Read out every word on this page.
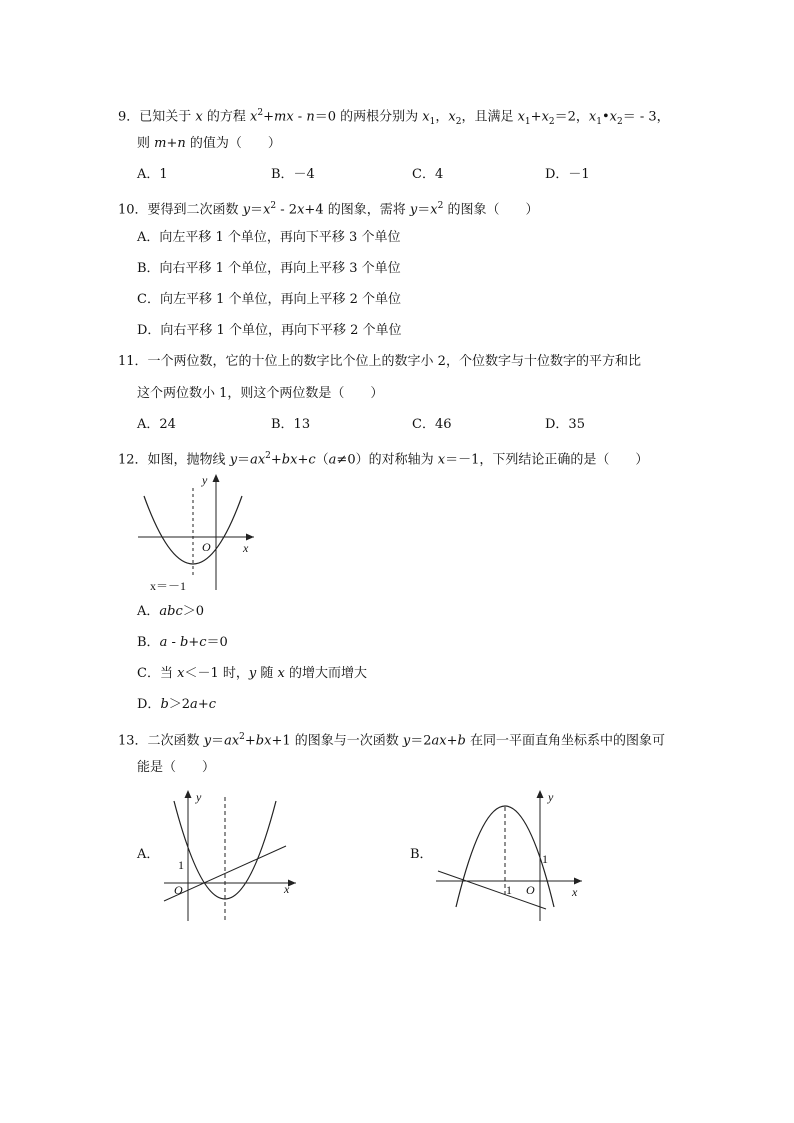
9．已知关于 x 的方程 $x^2+mx - n=0$ 的两根分别为 $x_1$，$x_2$，且满足 $x_1+x_2=2$，$x_1•x_2= - 3$，
则 m+n 的值为（　　）
A．1	B．－4	C．4	D．－1
10．要得到二次函数 $y=x^2 - 2x+4$ 的图象，需将 $y=x^2$ 的图象（　　）
A．向左平移 1 个单位，再向下平移 3 个单位
B．向右平移 1 个单位，再向上平移 3 个单位
C．向左平移 1 个单位，再向上平移 2 个单位
D．向右平移 1 个单位，再向下平移 2 个单位
11．一个两位数，它的十位上的数字比个位上的数字小 2，个位数字与十位数字的平方和比
这个两位数小 1，则这个两位数是（　　）
A．24	B．13	C．46	D．35
12．如图，抛物线 $y=ax^2+bx+c(a\ne 0)$的对称轴为 x＝－1，下列结论正确的是（　　）
y
x
O
x＝－1
A．abc＞0
B．a - b+c＝0
C．当 x＜－1 时，y 随 x 的增大而增大
D．b＞2a+c
13．二次函数 $y=ax^2+bx+1$ 的图象与一次函数 y＝2ax+b 在同一平面直角坐标系中的图象可
能是（　　）
A．
y
x
O
1
B．
y
x
O
1
1
